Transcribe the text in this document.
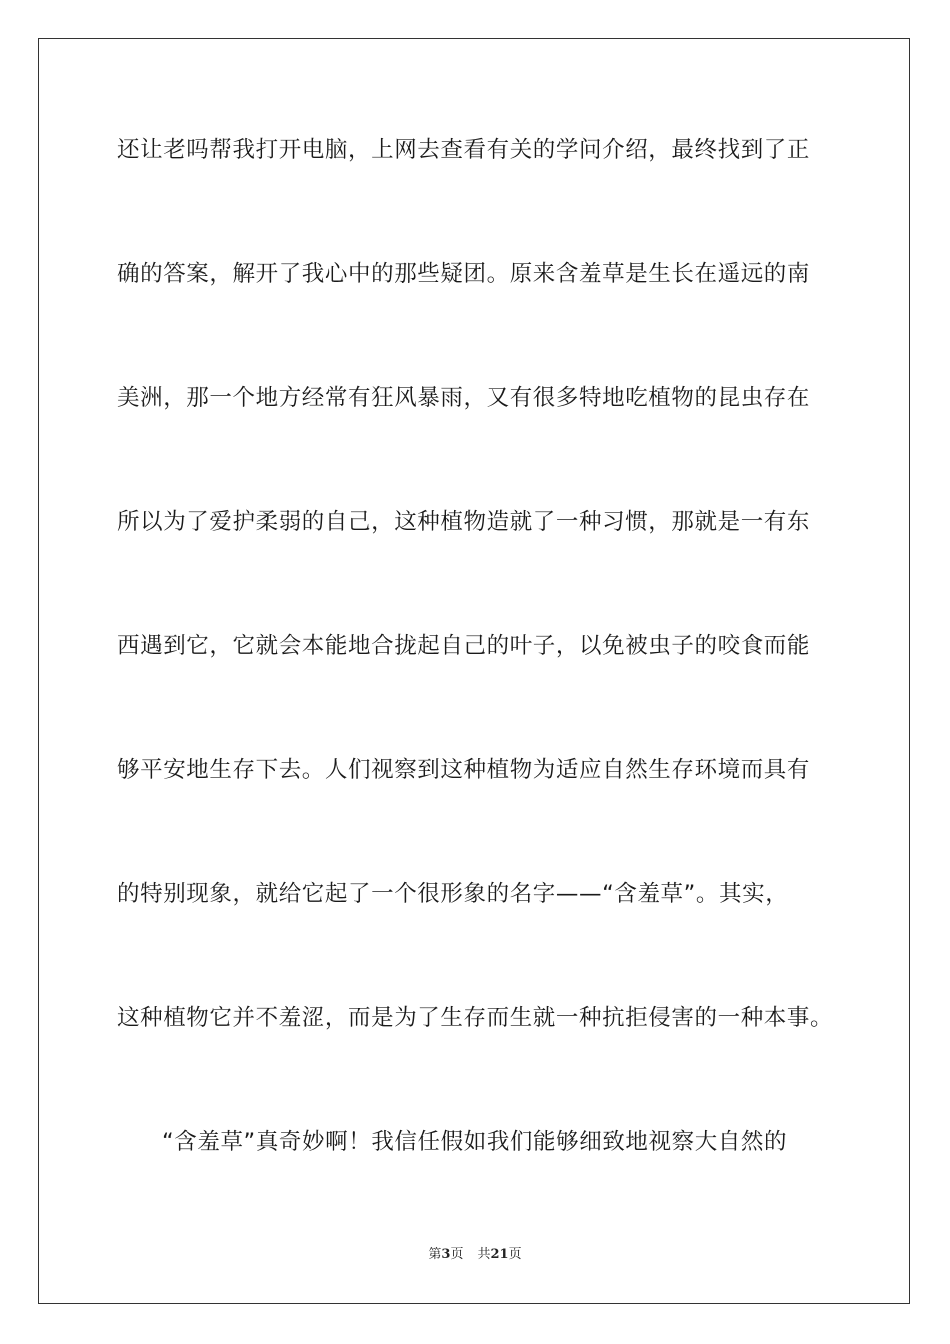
还让老吗帮我打开电脑，上网去查看有关的学问介绍，最终找到了正
确的答案，解开了我心中的那些疑团。原来含羞草是生长在遥远的南
美洲，那一个地方经常有狂风暴雨，又有很多特地吃植物的昆虫存在
所以为了爱护柔弱的自己，这种植物造就了一种习惯，那就是一有东
西遇到它，它就会本能地合拢起自己的叶子，以免被虫子的咬食而能
够平安地生存下去。人们视察到这种植物为适应自然生存环境而具有
的特别现象，就给它起了一个很形象的名字——“含羞草”。其实，
这种植物它并不羞涩，而是为了生存而生就一种抗拒侵害的一种本事。
“含羞草”真奇妙啊！我信任假如我们能够细致地视察大自然的
第3页 共21页
